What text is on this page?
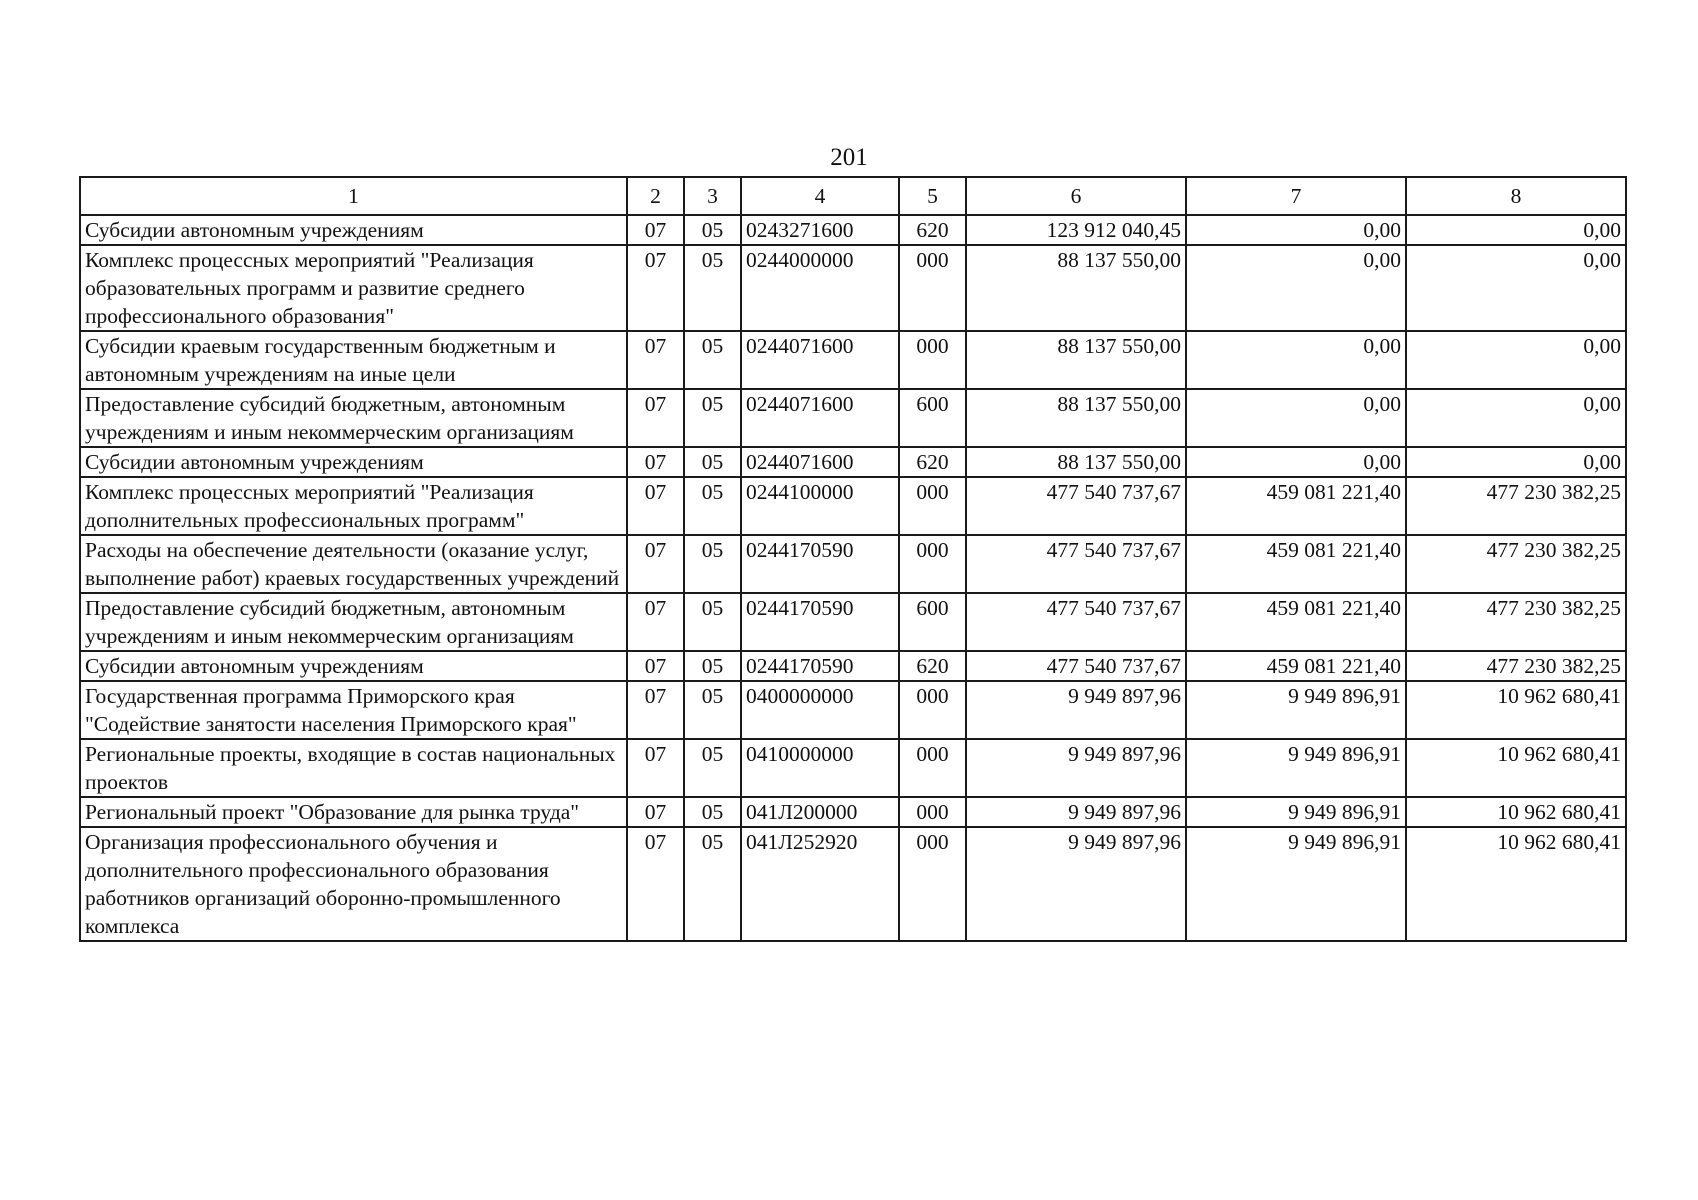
201
1	2	3	4	5	6	7	8
Субсидии автономным учреждениям	07	05	0243271600	620	123 912 040,45	0,00	0,00
Комплекс процессных мероприятий "Реализация образовательных программ и развитие среднего профессионального образования"	07	05	0244000000	000	88 137 550,00	0,00	0,00
Субсидии краевым государственным бюджетным и автономным учреждениям на иные цели	07	05	0244071600	000	88 137 550,00	0,00	0,00
Предоставление субсидий бюджетным, автономным учреждениям и иным некоммерческим организациям	07	05	0244071600	600	88 137 550,00	0,00	0,00
Субсидии автономным учреждениям	07	05	0244071600	620	88 137 550,00	0,00	0,00
Комплекс процессных мероприятий "Реализация дополнительных профессиональных программ"	07	05	0244100000	000	477 540 737,67	459 081 221,40	477 230 382,25
Расходы на обеспечение деятельности (оказание услуг, выполнение работ) краевых государственных учреждений	07	05	0244170590	000	477 540 737,67	459 081 221,40	477 230 382,25
Предоставление субсидий бюджетным, автономным учреждениям и иным некоммерческим организациям	07	05	0244170590	600	477 540 737,67	459 081 221,40	477 230 382,25
Субсидии автономным учреждениям	07	05	0244170590	620	477 540 737,67	459 081 221,40	477 230 382,25
Государственная программа Приморского края "Содействие занятости населения Приморского края"	07	05	0400000000	000	9 949 897,96	9 949 896,91	10 962 680,41
Региональные проекты, входящие в состав национальных проектов	07	05	0410000000	000	9 949 897,96	9 949 896,91	10 962 680,41
Региональный проект "Образование для рынка труда"	07	05	041Л200000	000	9 949 897,96	9 949 896,91	10 962 680,41
Организация профессионального обучения и дополнительного профессионального образования работников организаций оборонно-промышленного комплекса	07	05	041Л252920	000	9 949 897,96	9 949 896,91	10 962 680,41
